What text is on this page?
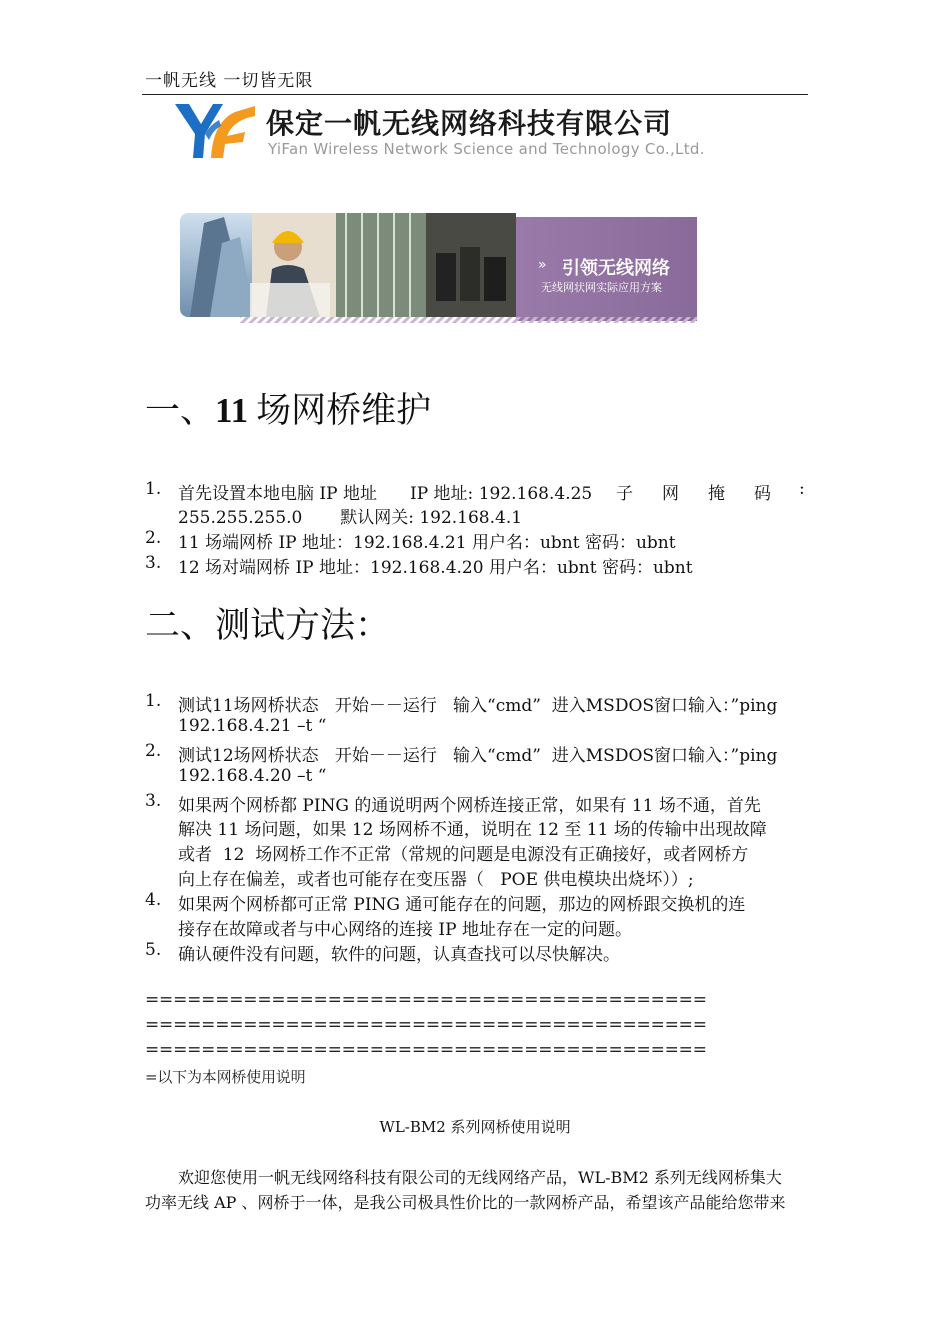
一帆无线 一切皆无限
保定一帆无线网络科技有限公司
YiFan Wireless Network Science and Technology Co.,Ltd.
» 引领无线网络
无线网状网实际应用方案
一、11 场网桥维护
1. 首先设置本地电脑 IP 地址 IP 地址: 192.168.4.25 子 网 掩 码 :
255.255.255.0       默认网关: 192.168.4.1
2. 11 场端网桥 IP 地址：192.168.4.21 用户名：ubnt 密码：ubnt
3. 12 场对端网桥 IP 地址：192.168.4.20 用户名：ubnt 密码：ubnt
二、测试方法：
1. 测试11场网桥状态   开始－－运行   输入“cmd”  进入MSDOS窗口输入：”ping
192.168.4.21 –t “
2. 测试12场网桥状态   开始－－运行   输入“cmd”  进入MSDOS窗口输入：”ping
192.168.4.20 –t “
3. 如果两个网桥都 PING 的通说明两个网桥连接正常，如果有 11 场不通，首先
解决 11 场问题，如果 12 场网桥不通，说明在 12 至 11 场的传输中出现故障
或者  12  场网桥工作不正常（常规的问题是电源没有正确接好，或者网桥方
向上存在偏差，或者也可能存在变压器（   POE 供电模块出烧坏））;
4. 如果两个网桥都可正常 PING 通可能存在的问题，那边的网桥跟交换机的连
接存在故障或者与中心网络的连接 IP 地址存在一定的问题。
5. 确认硬件没有问题，软件的问题，认真查找可以尽快解决。
========================================
========================================
========================================
=以下为本网桥使用说明
WL-BM2 系列网桥使用说明
欢迎您使用一帆无线网络科技有限公司的无线网络产品，WL-BM2 系列无线网桥集大
功率无线 AP 、网桥于一体，是我公司极具性价比的一款网桥产品，希望该产品能给您带来
